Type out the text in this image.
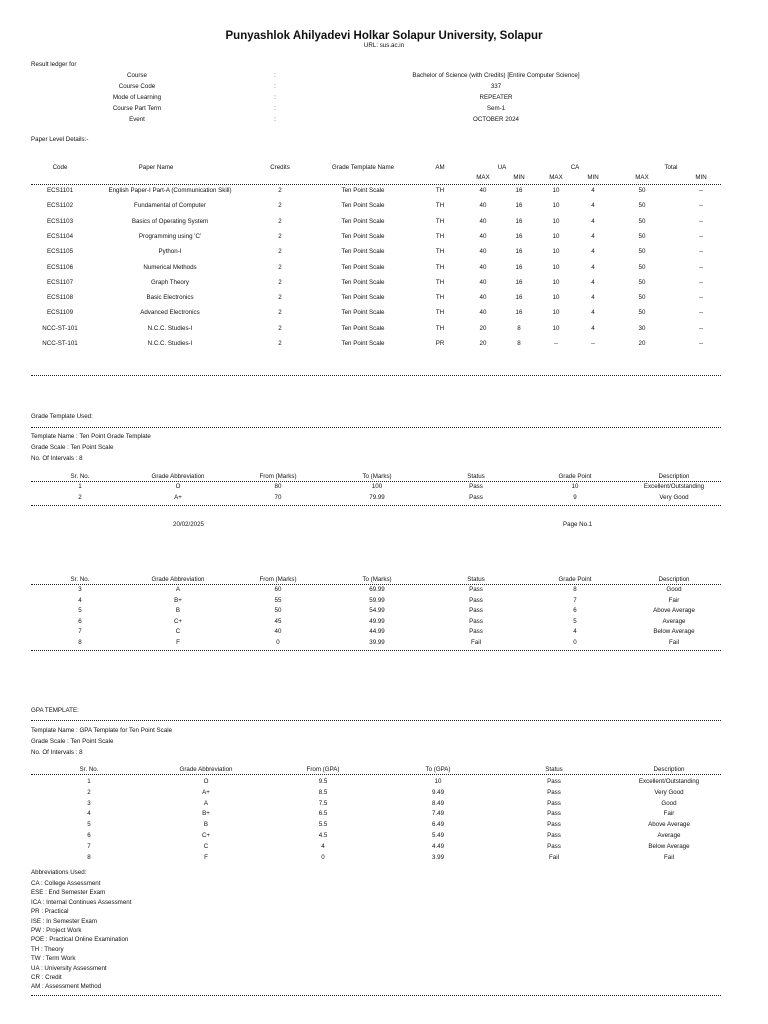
Punyashlok Ahilyadevi Holkar Solapur University, Solapur
URL: sus.ac.in
Result ledger for
Course	:	Bachelor of Science (with Credits) [Entire Computer Science]
Course Code	:	337
Mode of Learning	:	REPEATER
Course Part Term	:	Sem-1
Event	:	OCTOBER 2024
Paper Level Details:-
Code	Paper Name	Credits	Grade Template Name	AM	UA	CA	Total
MAX	MIN	MAX	MIN	MAX	MIN
ECS1101	English Paper-I Part-A (Communication Skill)	2	Ten Point Scale	TH	40	16	10	4	50	--
ECS1102	Fundamental of Computer	2	Ten Point Scale	TH	40	16	10	4	50	--
ECS1103	Basics of Operating System	2	Ten Point Scale	TH	40	16	10	4	50	--
ECS1104	Programming using 'C'	2	Ten Point Scale	TH	40	16	10	4	50	--
ECS1105	Python-I	2	Ten Point Scale	TH	40	16	10	4	50	--
ECS1106	Numerical Methods	2	Ten Point Scale	TH	40	16	10	4	50	--
ECS1107	Graph Theory	2	Ten Point Scale	TH	40	16	10	4	50	--
ECS1108	Basic Electronics	2	Ten Point Scale	TH	40	16	10	4	50	--
ECS1109	Advanced Electronics	2	Ten Point Scale	TH	40	16	10	4	50	--
NCC-ST-101	N.C.C. Studies-I	2	Ten Point Scale	TH	20	8	10	4	30	--
NCC-ST-101	N.C.C. Studies-I	2	Ten Point Scale	PR	20	8	--	--	20	--
Grade Template Used:
Template Name : Ten Point Grade Template
Grade Scale : Ten Point Scale
No. Of Intervals : 8
Sr. No.	Grade Abbreviation	From (Marks)	To (Marks)	Status	Grade Point	Description
1	O	80	100	Pass	10	Excellent/Outstanding
2	A+	70	79.99	Pass	9	Very Good
20/02/2025	Page No.1
Sr. No.	Grade Abbreviation	From (Marks)	To (Marks)	Status	Grade Point	Description
3	A	60	69.99	Pass	8	Good
4	B+	55	59.99	Pass	7	Fair
5	B	50	54.99	Pass	6	Above Average
6	C+	45	49.99	Pass	5	Average
7	C	40	44.99	Pass	4	Below Average
8	F	0	39.99	Fail	0	Fail
GPA TEMPLATE:
Template Name : GPA Template for Ten Point Scale
Grade Scale : Ten Point Scale
No. Of Intervals : 8
Sr. No.	Grade Abbreviation	From (GPA)	To (GPA)	Status	Description
1	O	9.5	10	Pass	Excellent/Outstanding
2	A+	8.5	9.49	Pass	Very Good
3	A	7.5	8.49	Pass	Good
4	B+	6.5	7.49	Pass	Fair
5	B	5.5	6.49	Pass	Above Average
6	C+	4.5	5.49	Pass	Average
7	C	4	4.49	Pass	Below Average
8	F	0	3.99	Fail	Fail
Abbreviations Used:
CA : College Assessment
ESE : End Semester Exam
ICA : Internal Continues Assessment
PR : Practical
ISE : In Semester Exam
PW : Project Work
POE : Practical Online Examination
TH : Theory
TW : Term Work
UA : University Assessment
CR : Credit
AM : Assessment Method
